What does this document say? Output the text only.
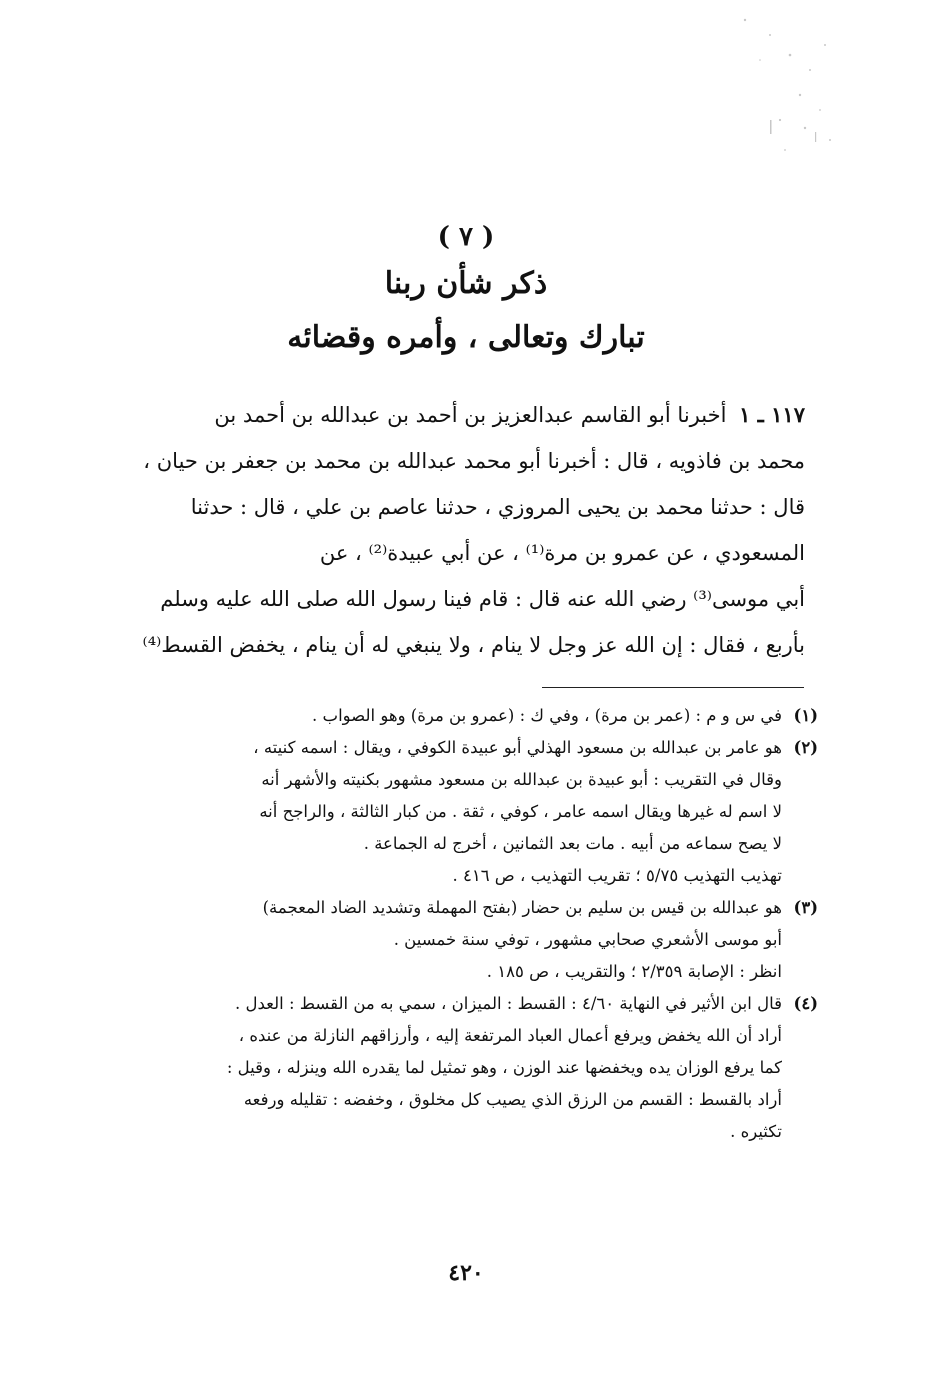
( ٧ )
ذكر شأن ربنا
تبارك وتعالى ، وأمره وقضائه
١١٧ ـ ١ أخبرنا أبو القاسم عبدالعزيز بن أحمد بن عبدالله بن أحمد بن
محمد بن فاذويه ، قال : أخبرنا أبو محمد عبدالله بن محمد بن جعفر بن حيان ،
قال : حدثنا محمد بن يحيى المروزي ، حدثنا عاصم بن علي ، قال : حدثنا
المسعودي ، عن عمرو بن مرة⁽¹⁾ ، عن أبي عبيدة⁽²⁾ ، عن
أبي موسى⁽³⁾ رضي الله عنه قال : قام فينا رسول الله صلى الله عليه وسلم
بأربع ، فقال : إن الله عز وجل لا ينام ، ولا ينبغي له أن ينام ، يخفض القسط⁽⁴⁾
(١)
في س و م : (عمر بن مرة) ، وفي ك : (عمرو بن مرة) وهو الصواب .
(٢)
هو عامر بن عبدالله بن مسعود الهذلي أبو عبيدة الكوفي ، ويقال : اسمه كنيته ،
وقال في التقريب : أبو عبيدة بن عبدالله بن مسعود مشهور بكنيته والأشهر أنه
لا اسم له غيرها ويقال اسمه عامر ، كوفي ، ثقة . من كبار الثالثة ، والراجح أنه
لا يصح سماعه من أبيه . مات بعد الثمانين ، أخرج له الجماعة .
تهذيب التهذيب ٥/٧٥ ؛ تقريب التهذيب ، ص ٤١٦ .
(٣)
هو عبدالله بن قيس بن سليم بن حضار (بفتح المهملة وتشديد الضاد المعجمة)
أبو موسى الأشعري صحابي مشهور ، توفي سنة خمسين .
انظر : الإصابة ٢/٣٥٩ ؛ والتقريب ، ص ١٨٥ .
(٤)
قال ابن الأثير في النهاية ٤/٦٠ : القسط : الميزان ، سمي به من القسط : العدل .
أراد أن الله يخفض ويرفع أعمال العباد المرتفعة إليه ، وأرزاقهم النازلة من عنده ،
كما يرفع الوزان يده ويخفضها عند الوزن ، وهو تمثيل لما يقدره الله وينزله ، وقيل :
أراد بالقسط : القسم من الرزق الذي يصيب كل مخلوق ، وخفضه : تقليله ورفعه
تكثيره .
٤٢٠
